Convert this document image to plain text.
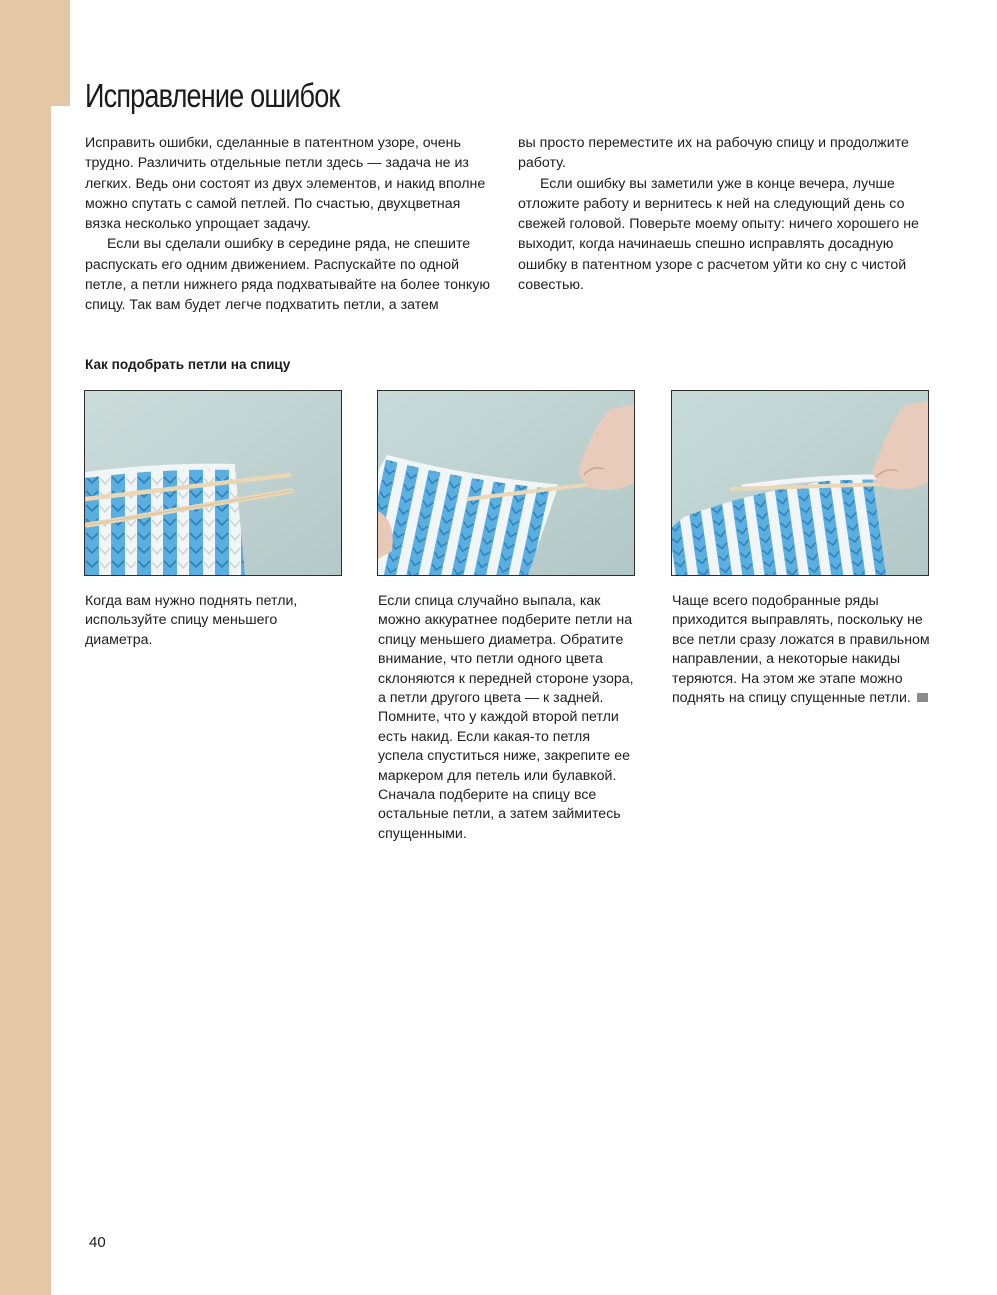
Исправление ошибок

Исправить ошибки, сделанные в патентном узоре, очень трудно. Различить отдельные петли здесь — задача не из легких. Ведь они состоят из двух элементов, и накид вполне можно спутать с самой петлей. По счастью, двухцветная вязка несколько упрощает задачу.

Если вы сделали ошибку в середине ряда, не спешите распускать его одним движением. Распускайте по одной петле, а петли нижнего ряда подхватывайте на более тонкую спицу. Так вам будет легче подхватить петли, а затем

вы просто переместите их на рабочую спицу и продолжите работу.

Если ошибку вы заметили уже в конце вечера, лучше отложите работу и вернитесь к ней на следующий день со свежей головой. Поверьте моему опыту: ничего хорошего не выходит, когда начинаешь спешно исправлять досадную ошибку в патентном узоре с расчетом уйти ко сну с чистой совестью.

Как подобрать петли на спицу

Когда вам нужно поднять петли, используйте спицу меньшего диаметра.

Если спица случайно выпала, как можно аккуратнее подберите петли на спицу меньшего диаметра. Обратите внимание, что петли одного цвета склоняются к передней стороне узора, а петли другого цвета — к задней. Помните, что у каждой второй петли есть накид. Если какая-то петля успела спуститься ниже, закрепите ее маркером для петель или булавкой. Сначала подберите на спицу все остальные петли, а затем займитесь спущенными.

Чаще всего подобранные ряды приходится выправлять, поскольку не все петли сразу ложатся в правильном направлении, а некоторые накиды теряются. На этом же этапе можно поднять на спицу спущенные петли.

40
